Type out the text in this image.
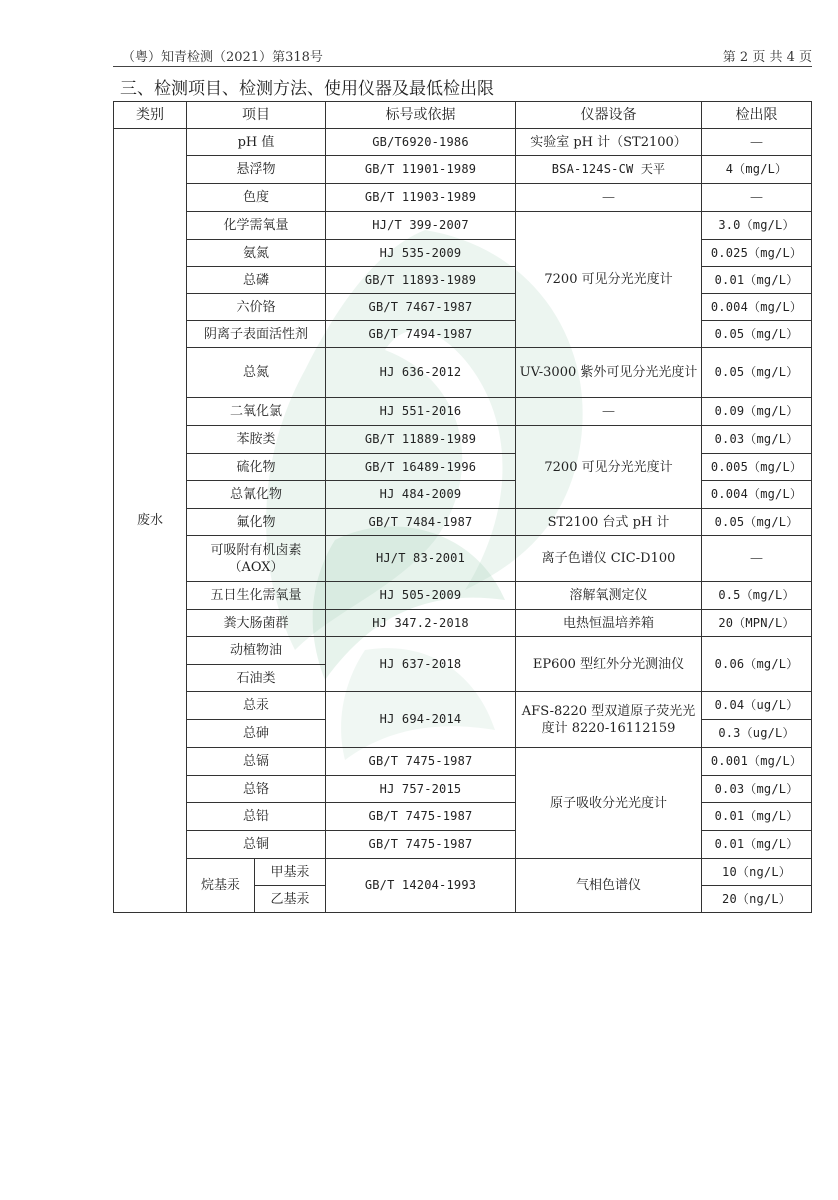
（粤）知青检测（2021）第318号	第 2 页 共 4 页
三、检测项目、检测方法、使用仪器及最低检出限
类别	项目		标号或依据	仪器设备	检出限
废水	pH 值		GB/T6920-1986	实验室 pH 计（ST2100）	—
	悬浮物		GB/T 11901-1989	BSA-124S-CW 天平	4（mg/L）
	色度		GB/T 11903-1989	—	—
	化学需氧量		HJ/T 399-2007	7200 可见分光光度计	3.0（mg/L）
	氨氮		HJ 535-2009		0.025（mg/L）
	总磷		GB/T 11893-1989		0.01（mg/L）
	六价铬		GB/T 7467-1987		0.004（mg/L）
	阴离子表面活性剂		GB/T 7494-1987		0.05（mg/L）
	总氮		HJ 636-2012	UV-3000 紫外可见分光光度计	0.05（mg/L）
	二氧化氯		HJ 551-2016	—	0.09（mg/L）
	苯胺类		GB/T 11889-1989	7200 可见分光光度计	0.03（mg/L）
	硫化物		GB/T 16489-1996		0.005（mg/L）
	总氰化物		HJ 484-2009		0.004（mg/L）
	氟化物		GB/T 7484-1987	ST2100 台式 pH 计	0.05（mg/L）
	可吸附有机卤素（AOX）		HJ/T 83-2001	离子色谱仪 CIC-D100	—
	五日生化需氧量		HJ 505-2009	溶解氧测定仪	0.5（mg/L）
	粪大肠菌群		HJ 347.2-2018	电热恒温培养箱	20（MPN/L）
	动植物油		HJ 637-2018	EP600 型红外分光测油仪	0.06（mg/L）
	石油类				
	总汞		HJ 694-2014	AFS-8220 型双道原子荧光光度计 8220-16112159	0.04（ug/L）
	总砷				0.3（ug/L）
	总镉		GB/T 7475-1987	原子吸收分光光度计	0.001（mg/L）
	总铬		HJ 757-2015		0.03（mg/L）
	总铅		GB/T 7475-1987		0.01（mg/L）
	总铜		GB/T 7475-1987		0.01（mg/L）
	烷基汞	甲基汞	GB/T 14204-1993	气相色谱仪	10（ng/L）
		乙基汞			20（ng/L）
